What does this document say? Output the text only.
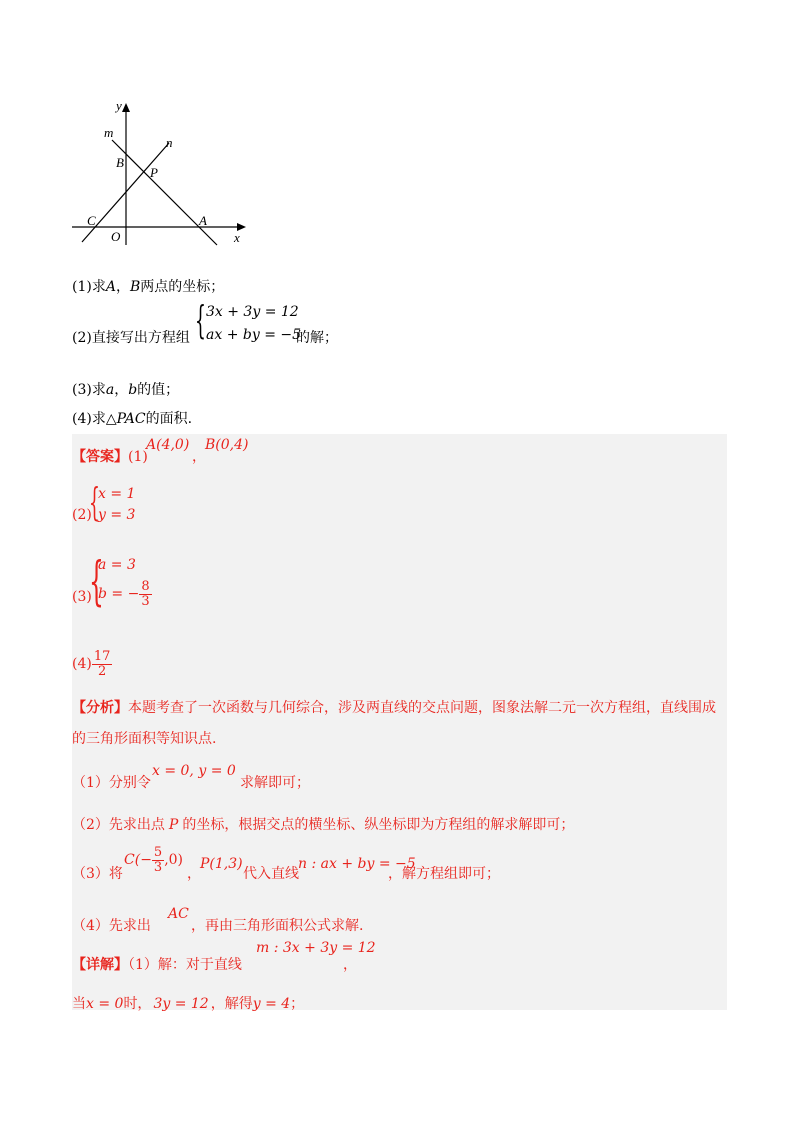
y
m
n
B
P
C	A
O	x
(1)求A，B两点的坐标；
(2)直接写出方程组 { 3x + 3y = 12
ax + by = −5
的解；
(3)求a，b的值；
(4)求△PAC的面积.
【答案】(1)
A(4,0)
，
B(0,4)
(2)
{
x = 1
y = 3
(3)
{
a = 3
b = − $\frac{8}{3}$
$(4) \frac{17}{2}$
【分析】本题考查了一次函数与几何综合，涉及两直线的交点问题，图象法解二元一次方程组，直线围成
的三角形面积等知识点.
（1）分别令
x = 0, y = 0
求解即可；
（2）先求出点 P 的坐标，根据交点的横坐标、纵坐标即为方程组的解求解即可；
（3）将
$C(- \frac{5}{3} ,0)$
，
P(1,3)
代入直线
n : ax + by = −5
，解方程组即可；
（4）先求出
AC
，再由三角形面积公式求解.
【详解】（1）解：对于直线
m : 3x + 3y = 12
，
当x = 0时， 3y = 12 ，解得y = 4；
